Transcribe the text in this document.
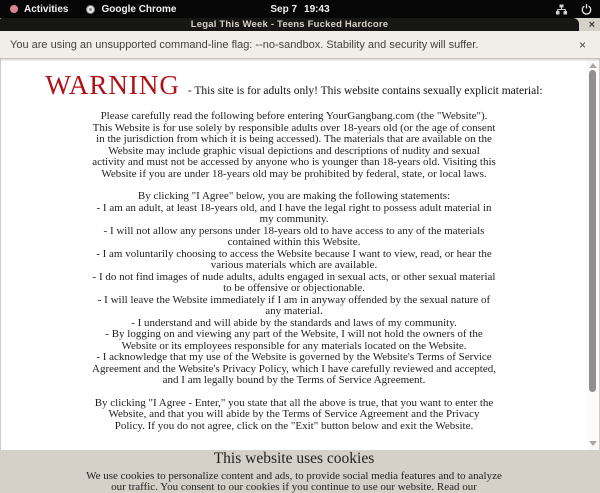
Activities	Google Chrome	Sep 7 19:43
Legal This Week - Teens Fucked Hardcore	×
You are using an unsupported command-line flag: --no-sandbox. Stability and security will suffer.	×
WARNING - This site is for adults only! This website contains sexually explicit material:
Please carefully read the following before entering YourGangbang.com (the "Website"). This Website is for use solely by responsible adults over 18-years old (or the age of consent in the jurisdiction from which it is being accessed). The materials that are available on the Website may include graphic visual depictions and descriptions of nudity and sexual activity and must not be accessed by anyone who is younger than 18-years old. Visiting this Website if you are under 18-years old may be prohibited by federal, state, or local laws.
By clicking "I Agree" below, you are making the following statements:
- I am an adult, at least 18-years old, and I have the legal right to possess adult material in my community.
- I will not allow any persons under 18-years old to have access to any of the materials contained within this Website.
- I am voluntarily choosing to access the Website because I want to view, read, or hear the various materials which are available.
- I do not find images of nude adults, adults engaged in sexual acts, or other sexual material to be offensive or objectionable.
- I will leave the Website immediately if I am in anyway offended by the sexual nature of any material.
- I understand and will abide by the standards and laws of my community.
- By logging on and viewing any part of the Website, I will not hold the owners of the Website or its employees responsible for any materials located on the Website.
- I acknowledge that my use of the Website is governed by the Website's Terms of Service Agreement and the Website's Privacy Policy, which I have carefully reviewed and accepted, and I am legally bound by the Terms of Service Agreement.
By clicking "I Agree - Enter," you state that all the above is true, that you want to enter the Website, and that you will abide by the Terms of Service Agreement and the Privacy Policy. If you do not agree, click on the "Exit" button below and exit the Website.
This website uses cookies
We use cookies to personalize content and ads, to provide social media features and to analyze our traffic. You consent to our cookies if you continue to use our website. Read our
